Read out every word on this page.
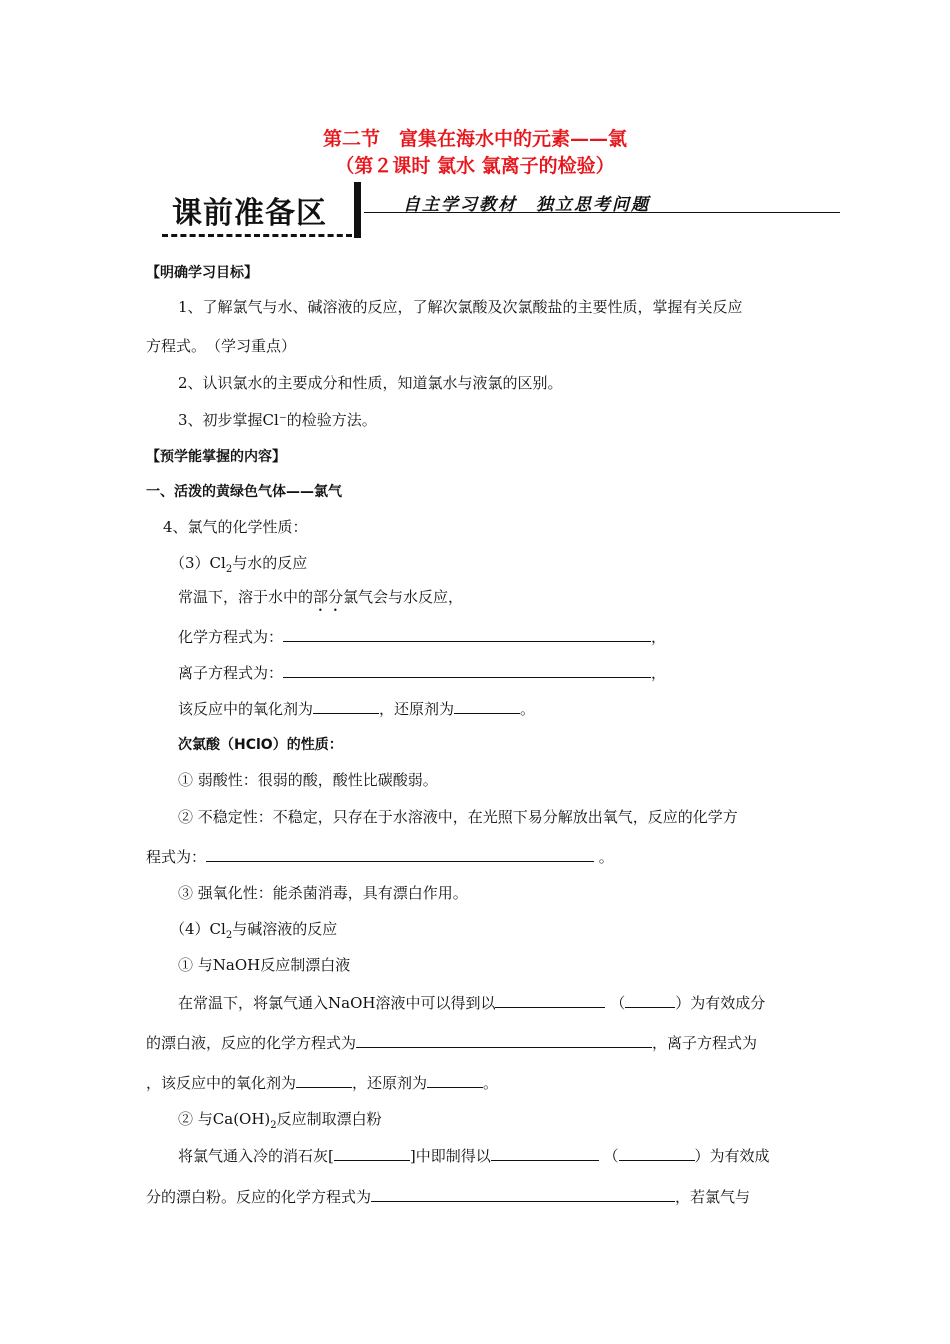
第二节　富集在海水中的元素——氯
（第２课时 氯水 氯离子的检验）
课前准备区	自主学习教材　独立思考问题
【明确学习目标】
1、了解氯气与水、碱溶液的反应，了解次氯酸及次氯酸盐的主要性质，掌握有关反应
方程式。　（学习重点）
2、认识氯水的主要成分和性质，知道氯水与液氯的区别。
3、初步掌握Cl⁻的检验方法。
【预学能掌握的内容】
一、活泼的黄绿色气体——氯气
4、氯气的化学性质：
$(3)Cl_2$与水的反应
常温下，溶于水中的部分氯气会与水反应，
化学方程式为：	，
离子方程式为：	，
该反应中的氧化剂为	，还原剂为	。
次氯酸（HClO）的性质：
① 弱酸性：很弱的酸，酸性比碳酸弱。
② 不稳定性：不稳定，只存在于水溶液中，在光照下易分解放出氧气，反应的化学方
程式为：	。
③ 强氧化性：能杀菌消毒，具有漂白作用。
$(4)Cl_2$与碱溶液的反应
① 与NaOH反应制漂白液
在常温下，将氯气通入NaOH溶液中可以得到以	（	）为有效成分
的漂白液，反应的化学方程式为	，离子方程式为
，该反应中的氧化剂为	，还原剂为	。
② 与$Ca(OH)_2$反应制取漂白粉
将氯气通入冷的消石灰[	]中即制得以	（	）为有效成
分的漂白粉。反应的化学方程式为	，若氯气与
